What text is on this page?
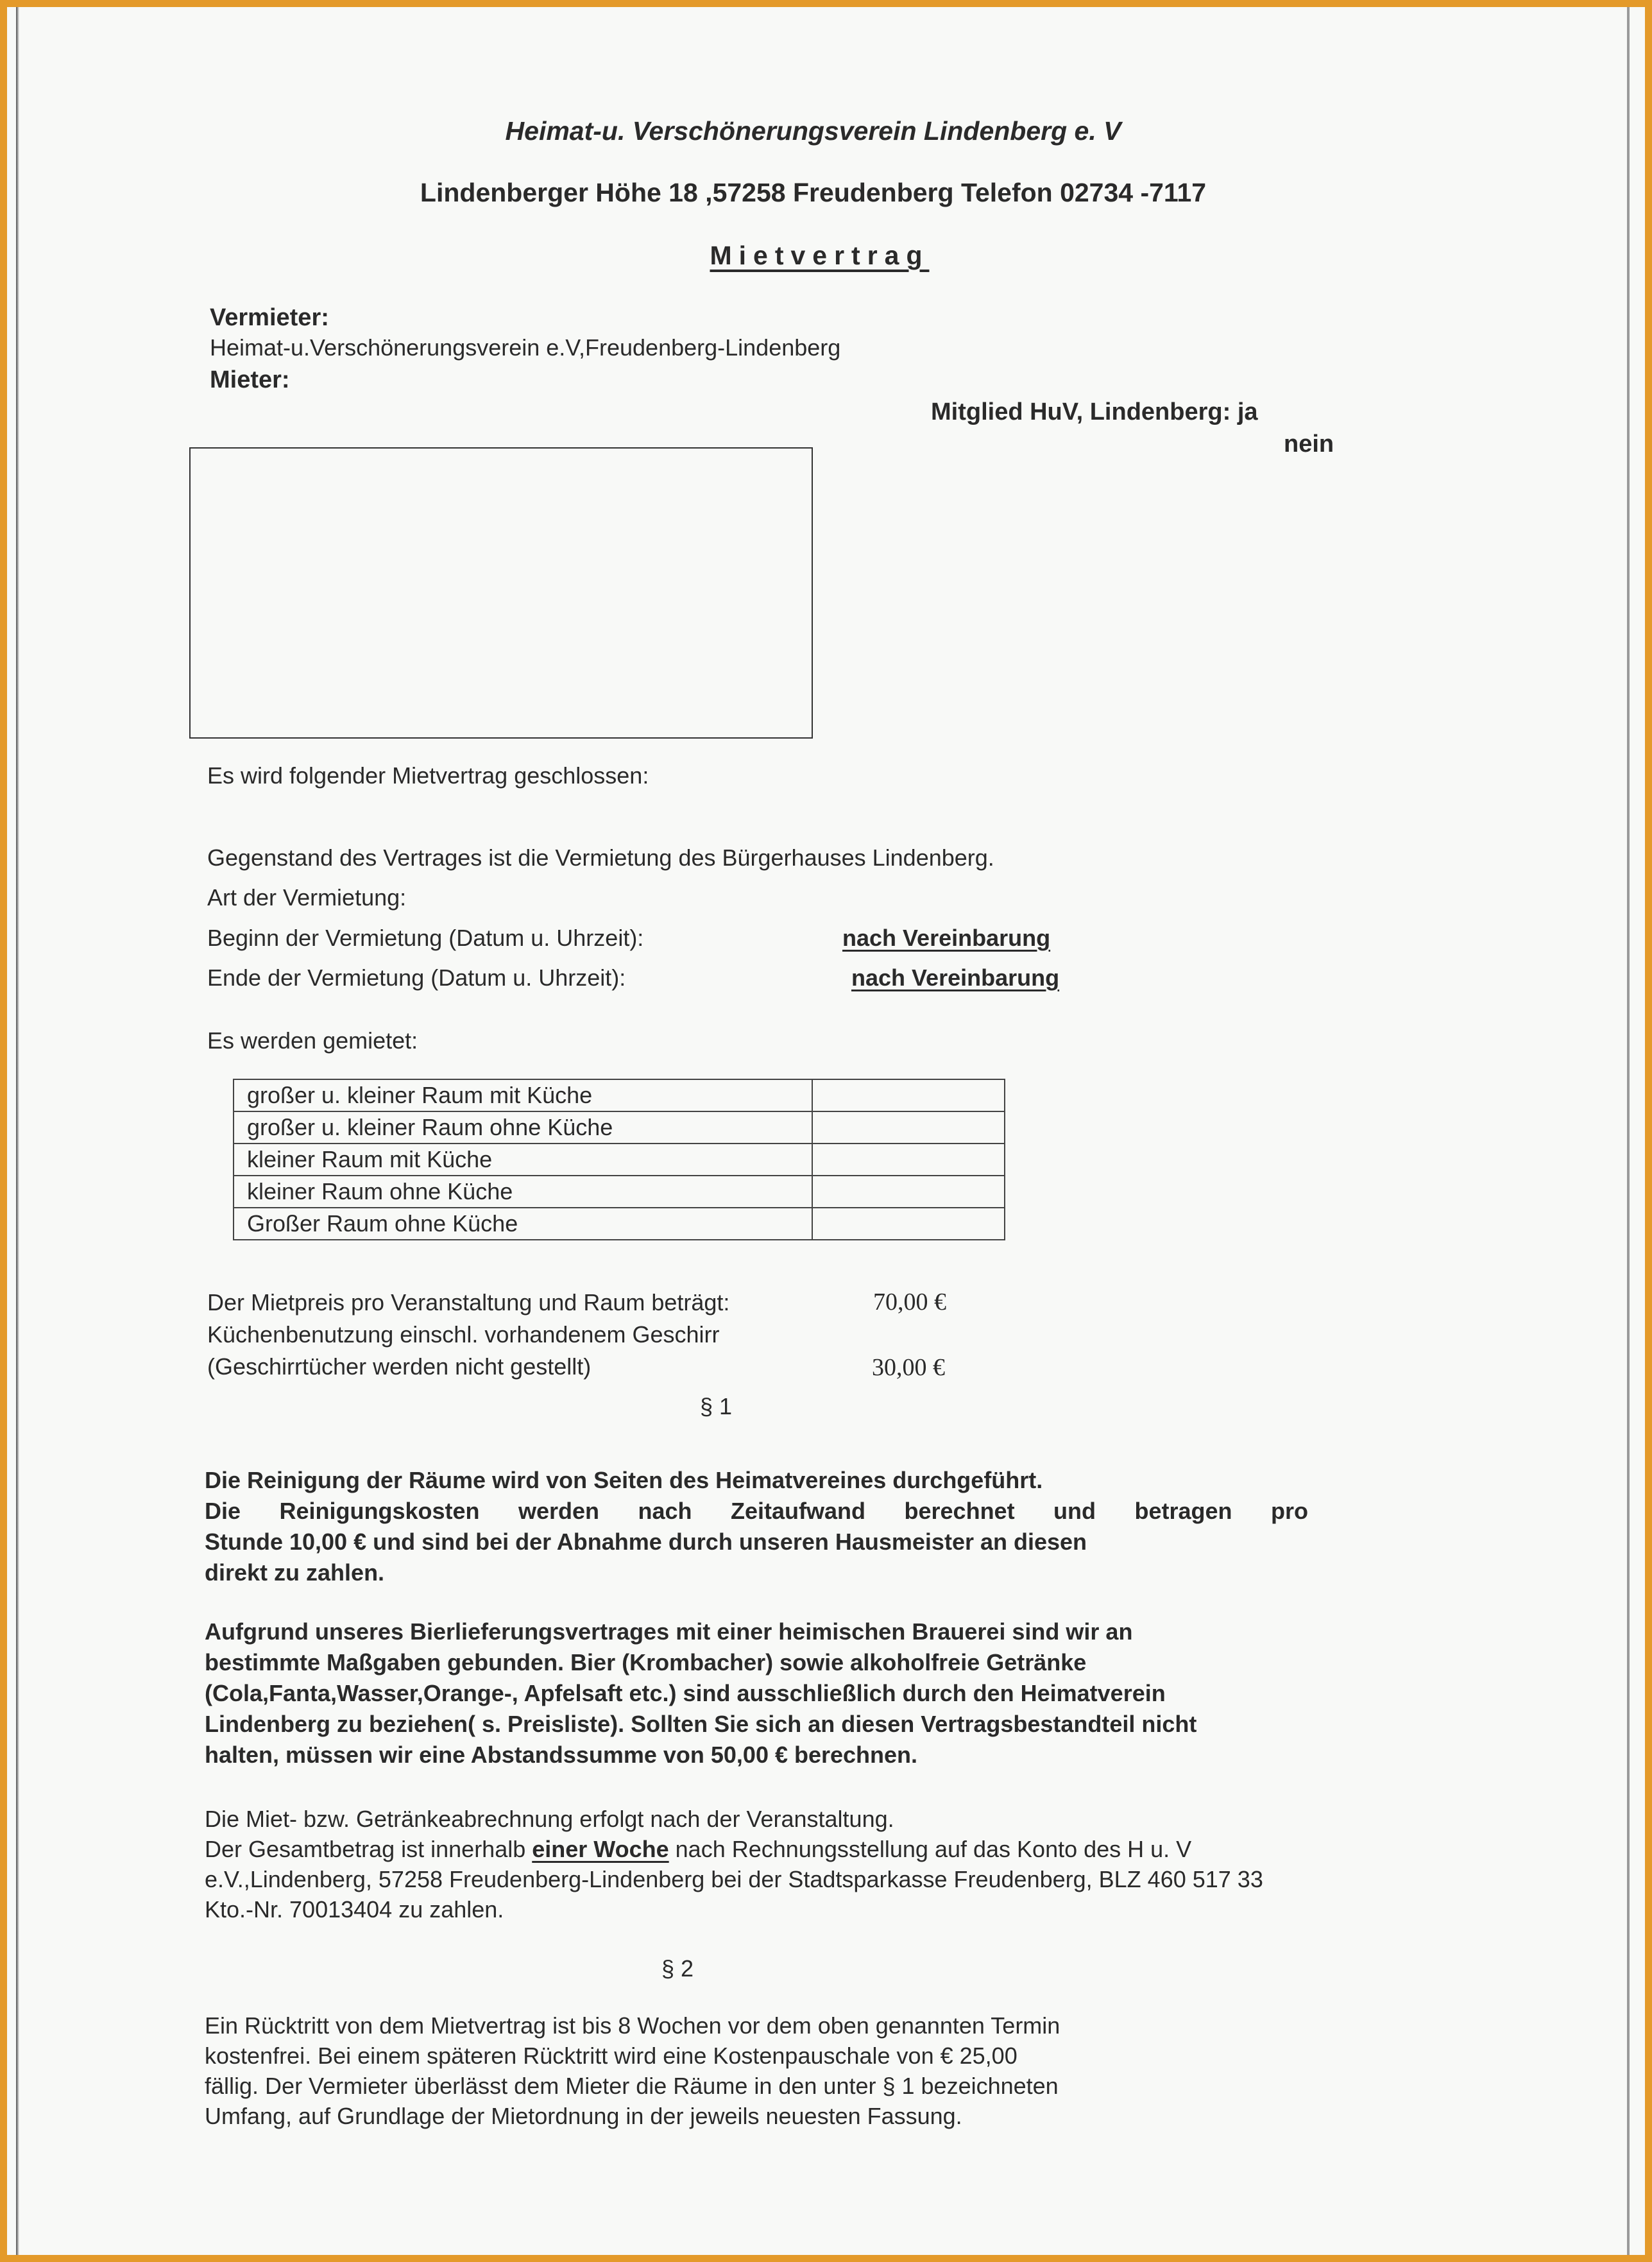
Heimat-u. Verschönerungsverein Lindenberg e. V
Lindenberger Höhe 18 ,57258 Freudenberg Telefon 02734 -7117
Mietvertrag
Vermieter:
Heimat-u.Verschönerungsverein e.V,Freudenberg-Lindenberg
Mieter:
Mitglied HuV, Lindenberg: ja
nein
Es wird folgender Mietvertrag geschlossen:
Gegenstand des Vertrages ist die Vermietung des Bürgerhauses Lindenberg.
Art der Vermietung:
Beginn der Vermietung (Datum u. Uhrzeit):	nach Vereinbarung
Ende der Vermietung (Datum u. Uhrzeit):	nach Vereinbarung
Es werden gemietet:
großer u. kleiner Raum mit Küche	
großer u. kleiner Raum ohne Küche	
kleiner Raum mit Küche	
kleiner Raum ohne Küche	
Großer Raum ohne Küche	
Der Mietpreis pro Veranstaltung und Raum beträgt:	70,00 €
Küchenbenutzung einschl. vorhandenem Geschirr
(Geschirrtücher werden nicht gestellt)	30,00 €
§ 1
Die Reinigung der Räume wird von Seiten des Heimatvereines durchgeführt.
Die Reinigungskosten werden nach Zeitaufwand berechnet und betragen pro
Stunde 10,00 € und sind bei der Abnahme durch unseren Hausmeister an diesen
direkt zu zahlen.
Aufgrund unseres Bierlieferungsvertrages mit einer heimischen Brauerei sind wir an
bestimmte Maßgaben gebunden. Bier (Krombacher) sowie alkoholfreie Getränke
(Cola,Fanta,Wasser,Orange-, Apfelsaft etc.) sind ausschließlich durch den Heimatverein
Lindenberg zu beziehen( s. Preisliste). Sollten Sie sich an diesen Vertragsbestandteil nicht
halten, müssen wir eine Abstandssumme von 50,00 € berechnen.
Die Miet- bzw. Getränkeabrechnung erfolgt nach der Veranstaltung.
Der Gesamtbetrag ist innerhalb einer Woche nach Rechnungsstellung auf das Konto des H u. V
e.V.,Lindenberg, 57258 Freudenberg-Lindenberg bei der Stadtsparkasse Freudenberg, BLZ 460 517 33
Kto.-Nr. 70013404 zu zahlen.
§ 2
Ein Rücktritt von dem Mietvertrag ist bis 8 Wochen vor dem oben genannten Termin
kostenfrei. Bei einem späteren Rücktritt wird eine Kostenpauschale von € 25,00
fällig. Der Vermieter überlässt dem Mieter die Räume in den unter § 1 bezeichneten
Umfang, auf Grundlage der Mietordnung in der jeweils neuesten Fassung.
